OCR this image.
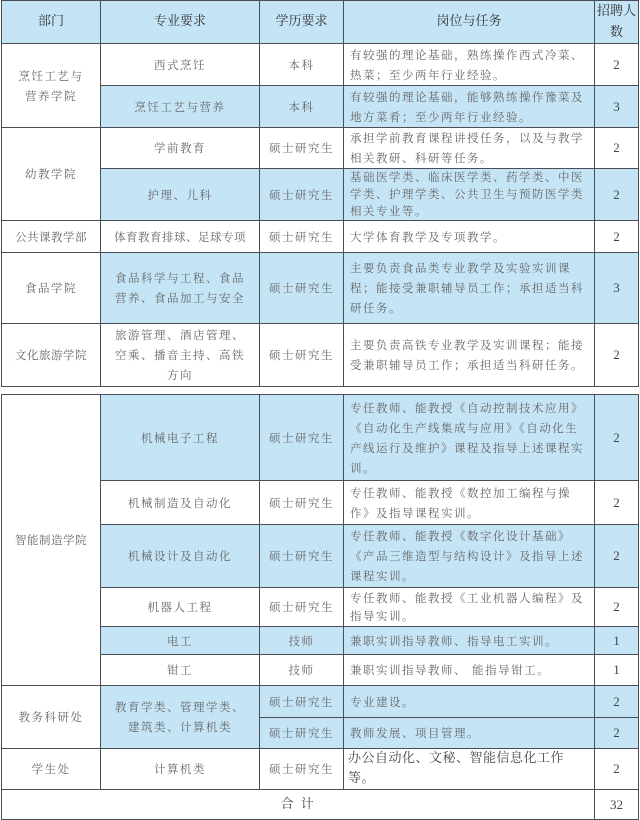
部门	专业要求	学历要求	岗位与任务	招聘人数
烹饪工艺与营养学院	西式烹饪	本科	有较强的理论基础，熟练操作西式冷菜、热菜；至少两年行业经验。	2
	烹饪工艺与营养	本科	有较强的理论基础，能够熟练操作豫菜及地方菜肴；至少两年行业经验。	3
幼教学院	学前教育	硕士研究生	承担学前教育课程讲授任务，以及与教学相关教研、科研等任务。	2
	护理、儿科	硕士研究生	基础医学类、临床医学类、药学类、中医学类、护理学类、公共卫生与预防医学类相关专业等。	2
公共课教学部	体育教育排球、足球专项	硕士研究生	大学体育教学及专项教学。	2
食品学院	食品科学与工程、食品营养、食品加工与安全	硕士研究生	主要负责食品类专业教学及实验实训课程；能接受兼职辅导员工作；承担适当科研任务。	3
文化旅游学院	旅游管理、酒店管理、空乘、播音主持、高铁方向	硕士研究生	主要负责高铁专业教学及实训课程；能接受兼职辅导员工作；承担适当科研任务。	2
智能制造学院	机械电子工程	硕士研究生	专任教师、能教授《自动控制技术应用》《自动化生产线集成与应用》《自动化生产线运行及维护》课程及指导上述课程实训。	2
	机械制造及自动化	硕士研究生	专任教师、能教授《数控加工编程与操作》及指导课程实训。	2
	机械设计及自动化	硕士研究生	专任教师、能教授《数字化设计基础》《产品三维造型与结构设计》及指导上述课程实训。	2
	机器人工程	硕士研究生	专任教师、能教授《工业机器人编程》及指导实训。	2
	电工	技师	兼职实训指导教师、指导电工实训。	1
	钳工	技师	兼职实训指导教师、 能指导钳工。	1
教务科研处	教育学类、管理学类、建筑类、计算机类	硕士研究生	专业建设。	2
		硕士研究生	教师发展、项目管理。	2
学生处	计算机类	硕士研究生	办公自动化、文秘、智能信息化工作等。	2
合 计				32
